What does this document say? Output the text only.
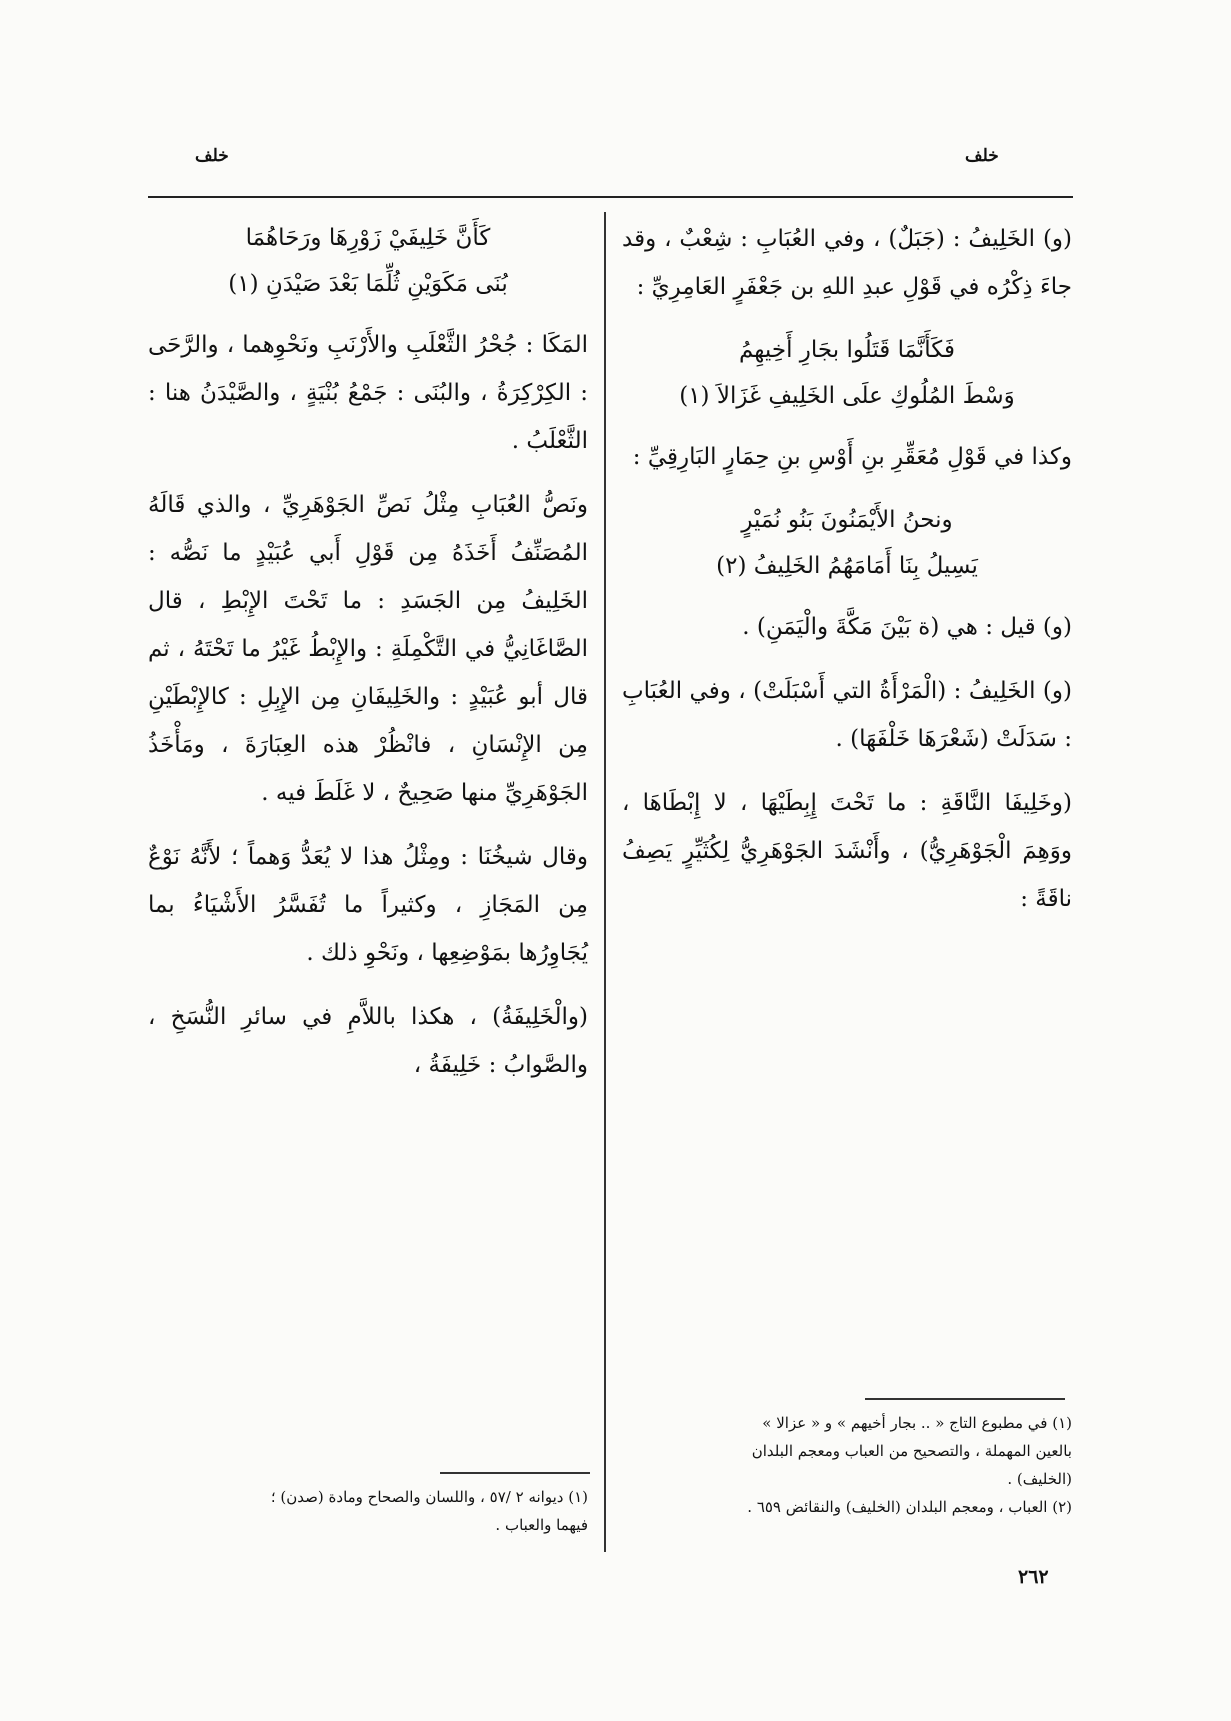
خلف
خلف

(و) الخَلِيفُ : (جَبَلٌ) ، وفي العُبَابِ : شِعْبٌ ، وقد جاءَ ذِكْرُه في قَوْلِ عبدِ اللهِ بن جَعْفَرٍ العَامِرِيِّ :

فَكَأَنَّمَا قَتَلُوا بجَارِ أَخِيهِمُ
وَسْطَ المُلُوكِ علَى الخَلِيفِ غَزَالاَ (١)

وكذا في قَوْلِ مُعَقِّرِ بنِ أَوْسِ بنِ حِمَارٍ البَارِقِيِّ :

ونحنُ الأَيْمَنُونَ بَنُو نُمَيْرٍ
يَسِيلُ بِنَا أَمَامَهُمُ الخَلِيفُ (٢)

(و) قيل : هي (ة بَيْنَ مَكَّةَ والْيَمَنِ) .

(و) الخَلِيفُ : (الْمَرْأَةُ التي أَسْبَلَتْ) ، وفي العُبَابِ : سَدَلَتْ (شَعْرَهَا خَلْفَهَا) .

(وخَلِيفَا النَّاقَةِ : ما تَحْتَ إِبِطَيْهَا ، لا إِبْطَاهَا ، ووَهِمَ الْجَوْهَرِيُّ) ، وأَنْشَدَ الجَوْهَرِيُّ لِكُثَيِّرٍ يَصِفُ ناقَةً :

كَأَنَّ خَلِيفَيْ زَوْرِهَا ورَحَاهُمَا
بُنَى مَكَوَيْنِ ثُلِّمَا بَعْدَ صَيْدَنِ (١)

المَكَا : جُحْرُ الثَّعْلَبِ والأَرْنَبِ ونَحْوِهما ، والرَّحَى : الكِرْكِرَةُ ، والبُنَى : جَمْعُ بُنْيَةٍ ، والصَّيْدَنُ هنا : الثَّعْلَبُ .

ونَصُّ العُبَابِ مِثْلُ نَصِّ الجَوْهَرِيِّ ، والذي قَالَهُ المُصَنِّفُ أَخَذَهُ مِن قَوْلِ أَبي عُبَيْدٍ ما نَصُّه : الخَلِيفُ مِن الجَسَدِ : ما تَحْتَ الإِبْطِ ، قال الصَّاغَانِيُّ في التَّكْمِلَةِ : والإِبْطُ غَيْرُ ما تَحْتَهُ ، ثم قال أبو عُبَيْدٍ : والخَلِيفَانِ مِن الإِبِلِ : كالإِبْطَيْنِ مِن الإِنْسَانِ ، فانْظُرْ هذه العِبَارَةَ ، ومَأْخَذُ الجَوْهَرِيِّ منها صَحِيحٌ ، لا غَلَطَ فيه .

وقال شيخُنَا : ومِثْلُ هذا لا يُعَدُّ وَهماً ؛ لأَنَّهُ نَوْعٌ مِن المَجَازِ ، وكثيراً ما تُفَسَّرُ الأَشْيَاءُ بما يُجَاوِرُها بمَوْضِعِها ، ونَحْوِ ذلك .

(والْخَلِيفَةُ) ، هكذا باللاَّمِ في سائرِ النُّسَخِ ، والصَّوابُ : خَلِيفَةُ ،

(١) في مطبوع التاج « .. بجار أخيهم » و « عزالا »

بالعين المهملة ، والتصحيح من العباب ومعجم البلدان

(الخليف) .

(٢) العباب ، ومعجم البلدان (الخليف) والنقائض ٦٥٩ .

(١) ديوانه ٢ /٥٧ ، واللسان والصحاح ومادة (صدن) ؛

فيهما والعباب .

٢٦٢
